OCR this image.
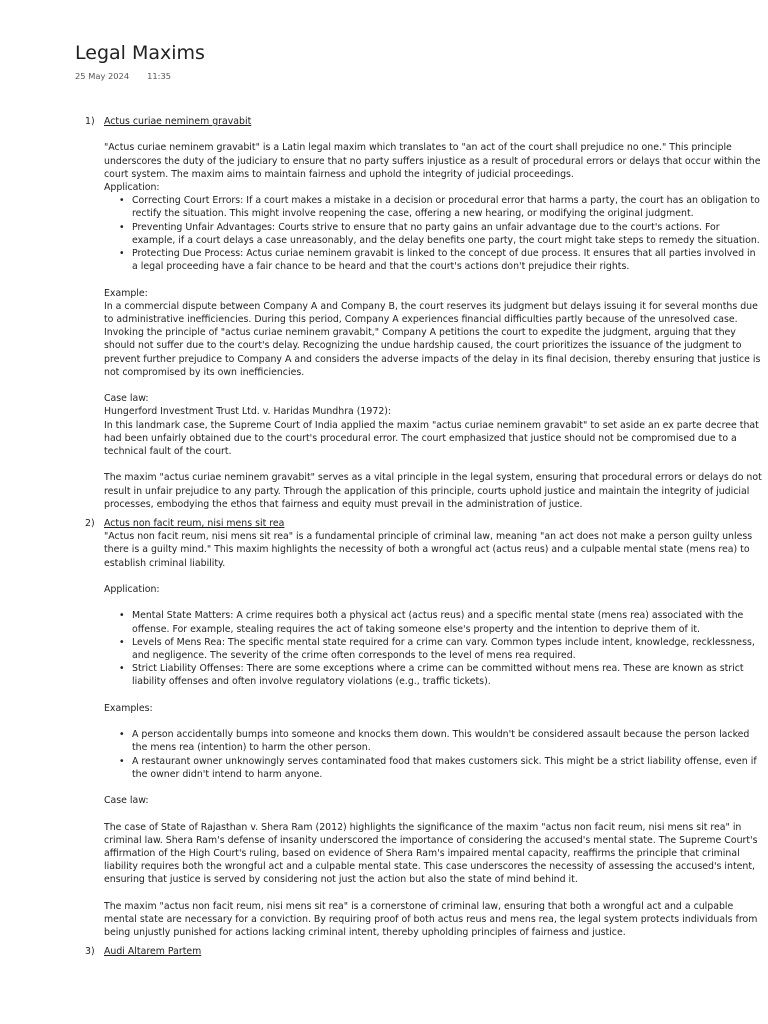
Legal Maxims
25 May 2024 11:35
1) Actus curiae neminem gravabit

"Actus curiae neminem gravabit" is a Latin legal maxim which translates to "an act of the court shall prejudice no one." This principle underscores the duty of the judiciary to ensure that no party suffers injustice as a result of procedural errors or delays that occur within the court system. The maxim aims to maintain fairness and uphold the integrity of judicial proceedings.

Application:

• Correcting Court Errors: If a court makes a mistake in a decision or procedural error that harms a party, the court has an obligation to rectify the situation. This might involve reopening the case, offering a new hearing, or modifying the original judgment.
• Preventing Unfair Advantages: Courts strive to ensure that no party gains an unfair advantage due to the court's actions. For example, if a court delays a case unreasonably, and the delay benefits one party, the court might take steps to remedy the situation.
• Protecting Due Process: Actus curiae neminem gravabit is linked to the concept of due process. It ensures that all parties involved in a legal proceeding have a fair chance to be heard and that the court's actions don't prejudice their rights.

Example:

In a commercial dispute between Company A and Company B, the court reserves its judgment but delays issuing it for several months due to administrative inefficiencies. During this period, Company A experiences financial difficulties partly because of the unresolved case. Invoking the principle of "actus curiae neminem gravabit," Company A petitions the court to expedite the judgment, arguing that they should not suffer due to the court's delay. Recognizing the undue hardship caused, the court prioritizes the issuance of the judgment to prevent further prejudice to Company A and considers the adverse impacts of the delay in its final decision, thereby ensuring that justice is not compromised by its own inefficiencies.

Case law:

Hungerford Investment Trust Ltd. v. Haridas Mundhra (1972):

In this landmark case, the Supreme Court of India applied the maxim "actus curiae neminem gravabit" to set aside an ex parte decree that had been unfairly obtained due to the court's procedural error. The court emphasized that justice should not be compromised due to a technical fault of the court.

The maxim "actus curiae neminem gravabit" serves as a vital principle in the legal system, ensuring that procedural errors or delays do not result in unfair prejudice to any party. Through the application of this principle, courts uphold justice and maintain the integrity of judicial processes, embodying the ethos that fairness and equity must prevail in the administration of justice.

2) Actus non facit reum, nisi mens sit rea

"Actus non facit reum, nisi mens sit rea" is a fundamental principle of criminal law, meaning "an act does not make a person guilty unless there is a guilty mind." This maxim highlights the necessity of both a wrongful act (actus reus) and a culpable mental state (mens rea) to establish criminal liability.

Application:

• Mental State Matters: A crime requires both a physical act (actus reus) and a specific mental state (mens rea) associated with the offense. For example, stealing requires the act of taking someone else's property and the intention to deprive them of it.
• Levels of Mens Rea: The specific mental state required for a crime can vary. Common types include intent, knowledge, recklessness, and negligence. The severity of the crime often corresponds to the level of mens rea required.
• Strict Liability Offenses: There are some exceptions where a crime can be committed without mens rea. These are known as strict liability offenses and often involve regulatory violations (e.g., traffic tickets).

Examples:

• A person accidentally bumps into someone and knocks them down. This wouldn't be considered assault because the person lacked the mens rea (intention) to harm the other person.
• A restaurant owner unknowingly serves contaminated food that makes customers sick. This might be a strict liability offense, even if the owner didn't intend to harm anyone.

Case law:

The case of State of Rajasthan v. Shera Ram (2012) highlights the significance of the maxim "actus non facit reum, nisi mens sit rea" in criminal law. Shera Ram's defense of insanity underscored the importance of considering the accused's mental state. The Supreme Court's affirmation of the High Court's ruling, based on evidence of Shera Ram's impaired mental capacity, reaffirms the principle that criminal liability requires both the wrongful act and a culpable mental state. This case underscores the necessity of assessing the accused's intent, ensuring that justice is served by considering not just the action but also the state of mind behind it.

The maxim "actus non facit reum, nisi mens sit rea" is a cornerstone of criminal law, ensuring that both a wrongful act and a culpable mental state are necessary for a conviction. By requiring proof of both actus reus and mens rea, the legal system protects individuals from being unjustly punished for actions lacking criminal intent, thereby upholding principles of fairness and justice.

3) Audi Altarem Partem
